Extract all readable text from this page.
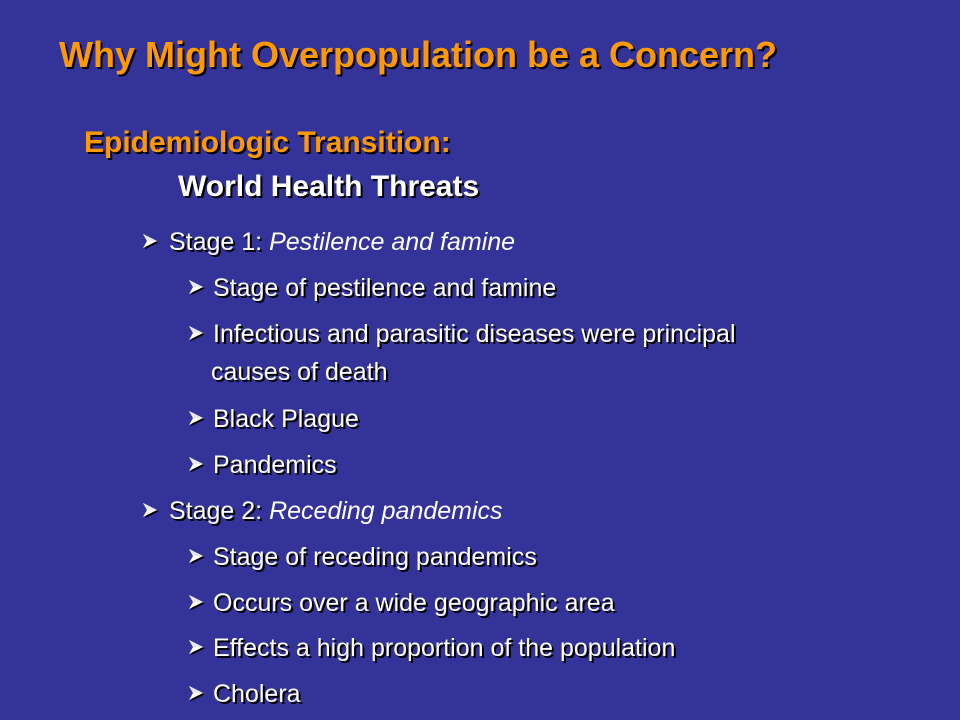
Why Might Overpopulation be a Concern?
Epidemiologic Transition:
World Health Threats
Stage 1: Pestilence and famine
Stage of pestilence and famine
Infectious and parasitic diseases were principal
causes of death
Black Plague
Pandemics
Stage 2: Receding pandemics
Stage of receding pandemics
Occurs over a wide geographic area
Effects a high proportion of the population
Cholera
